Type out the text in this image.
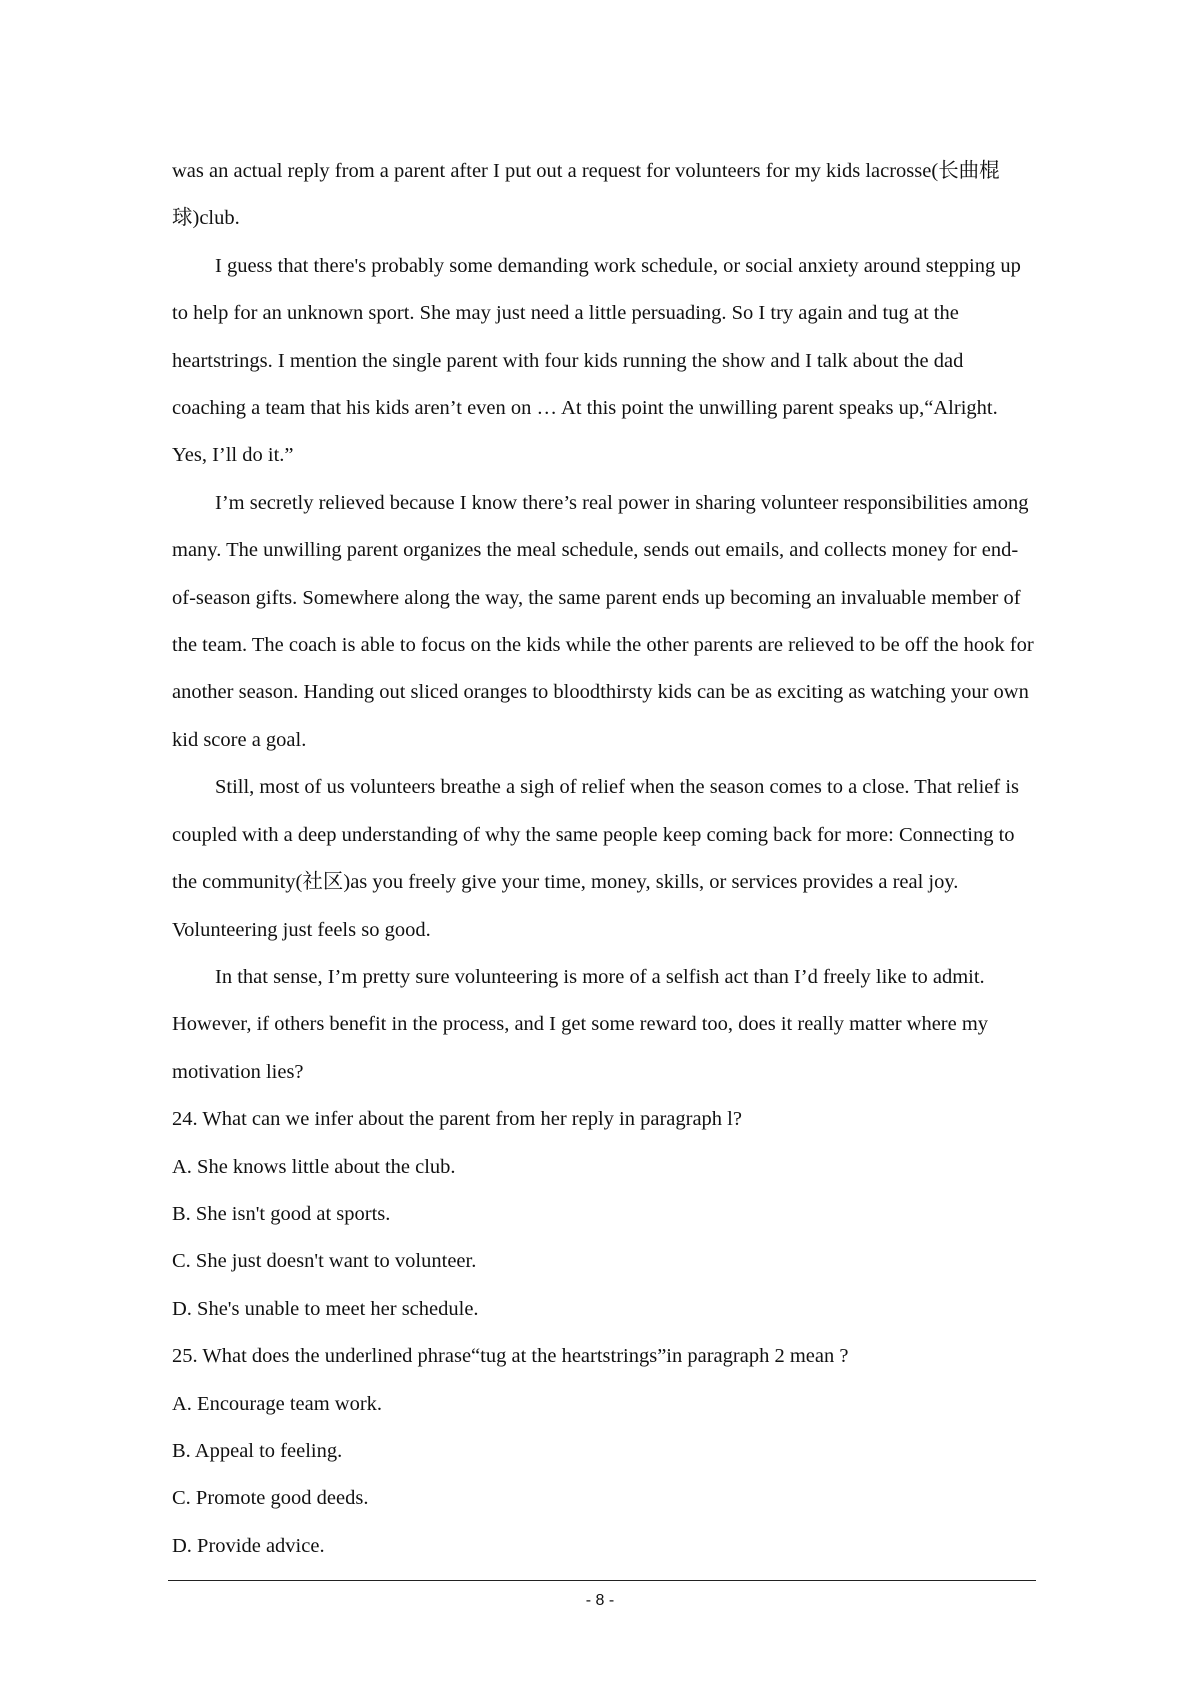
was an actual reply from a parent after I put out a request for volunteers for my kids lacrosse(长曲棍球)club.

I guess that there's probably some demanding work schedule, or social anxiety around stepping up to help for an unknown sport. She may just need a little persuading. So I try again and tug at the heartstrings. I mention the single parent with four kids running the show and I talk about the dad coaching a team that his kids aren’t even on … At this point the unwilling parent speaks up,“Alright. Yes, I’ll do it.”

I’m secretly relieved because I know there’s real power in sharing volunteer responsibilities among many. The unwilling parent organizes the meal schedule, sends out emails, and collects money for end-of-season gifts. Somewhere along the way, the same parent ends up becoming an invaluable member of the team. The coach is able to focus on the kids while the other parents are relieved to be off the hook for another season. Handing out sliced oranges to bloodthirsty kids can be as exciting as watching your own kid score a goal.

Still, most of us volunteers breathe a sigh of relief when the season comes to a close. That relief is coupled with a deep understanding of why the same people keep coming back for more: Connecting to the community(社区)as you freely give your time, money, skills, or services provides a real joy. Volunteering just feels so good.

In that sense, I’m pretty sure volunteering is more of a selfish act than I’d freely like to admit. However, if others benefit in the process, and I get some reward too, does it really matter where my motivation lies?

24. What can we infer about the parent from her reply in paragraph l?

A. She knows little about the club.

B. She isn't good at sports.

C. She just doesn't want to volunteer.

D. She's unable to meet her schedule.

25. What does the underlined phrase“tug at the heartstrings”in paragraph 2 mean ?

A. Encourage team work.

B. Appeal to feeling.

C. Promote good deeds.

D. Provide advice.

- 8 -
